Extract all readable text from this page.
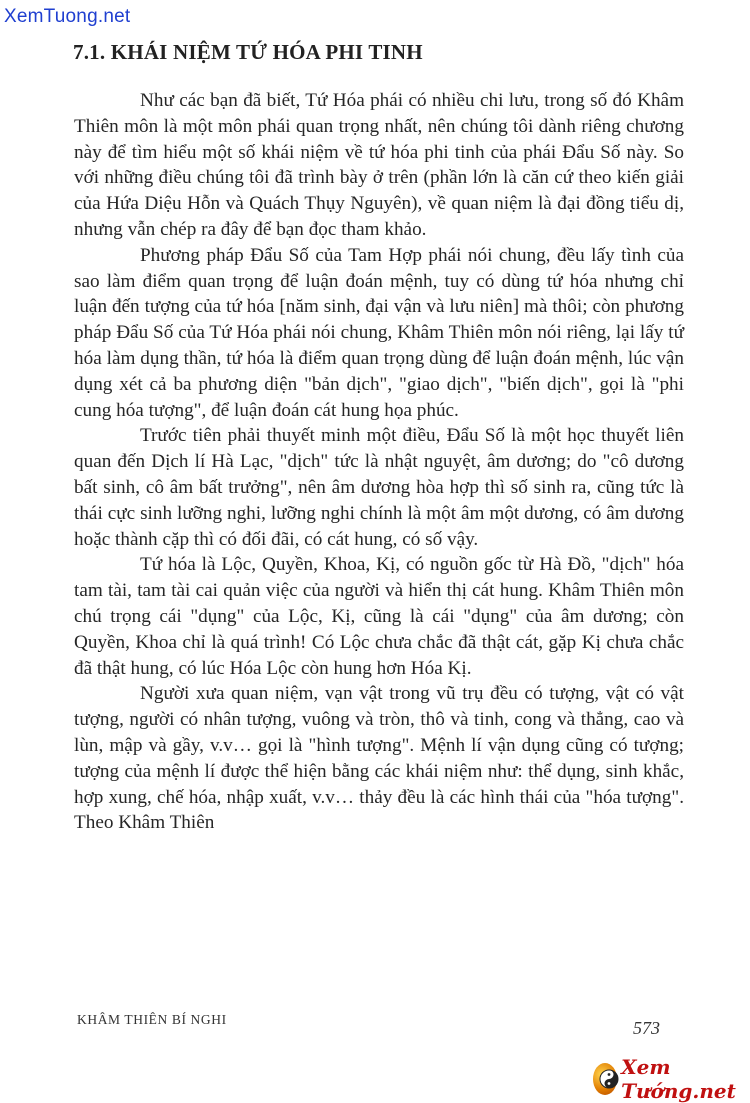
XemTuong.net
7.1. KHÁI NIỆM TỨ HÓA PHI TINH

Như các bạn đã biết, Tứ Hóa phái có nhiều chi lưu, trong số đó Khâm Thiên môn là một môn phái quan trọng nhất, nên chúng tôi dành riêng chương này để tìm hiểu một số khái niệm về tứ hóa phi tinh của phái Đẩu Số này. So với những điều chúng tôi đã trình bày ở trên (phần lớn là căn cứ theo kiến giải của Hứa Diệu Hỗn và Quách Thụy Nguyên), về quan niệm là đại đồng tiểu dị, nhưng vẫn chép ra đây để bạn đọc tham khảo.

Phương pháp Đẩu Số của Tam Hợp phái nói chung, đều lấy tình của sao làm điểm quan trọng để luận đoán mệnh, tuy có dùng tứ hóa nhưng chỉ luận đến tượng của tứ hóa [năm sinh, đại vận và lưu niên] mà thôi; còn phương pháp Đẩu Số của Tứ Hóa phái nói chung, Khâm Thiên môn nói riêng, lại lấy tứ hóa làm dụng thần, tứ hóa là điểm quan trọng dùng để luận đoán mệnh, lúc vận dụng xét cả ba phương diện "bản dịch", "giao dịch", "biến dịch", gọi là "phi cung hóa tượng", để luận đoán cát hung họa phúc.

Trước tiên phải thuyết minh một điều, Đẩu Số là một học thuyết liên quan đến Dịch lí Hà Lạc, "dịch" tức là nhật nguyệt, âm dương; do "cô dương bất sinh, cô âm bất trưởng", nên âm dương hòa hợp thì số sinh ra, cũng tức là thái cực sinh lưỡng nghi, lưỡng nghi chính là một âm một dương, có âm dương hoặc thành cặp thì có đối đãi, có cát hung, có số vậy.

Tứ hóa là Lộc, Quyền, Khoa, Kị, có nguồn gốc từ Hà Đồ, "dịch" hóa tam tài, tam tài cai quản việc của người và hiển thị cát hung. Khâm Thiên môn chú trọng cái "dụng" của Lộc, Kị, cũng là cái "dụng" của âm dương; còn Quyền, Khoa chỉ là quá trình! Có Lộc chưa chắc đã thật cát, gặp Kị chưa chắc đã thật hung, có lúc Hóa Lộc còn hung hơn Hóa Kị.

Người xưa quan niệm, vạn vật trong vũ trụ đều có tượng, vật có vật tượng, người có nhân tượng, vuông và tròn, thô và tinh, cong và thẳng, cao và lùn, mập và gầy, v.v… gọi là "hình tượng". Mệnh lí vận dụng cũng có tượng; tượng của mệnh lí được thể hiện bằng các khái niệm như: thể dụng, sinh khắc, hợp xung, chế hóa, nhập xuất, v.v… thảy đều là các hình thái của "hóa tượng". Theo Khâm Thiên

KHÂM THIÊN BÍ NGHI	573
Xem Tướng.net
